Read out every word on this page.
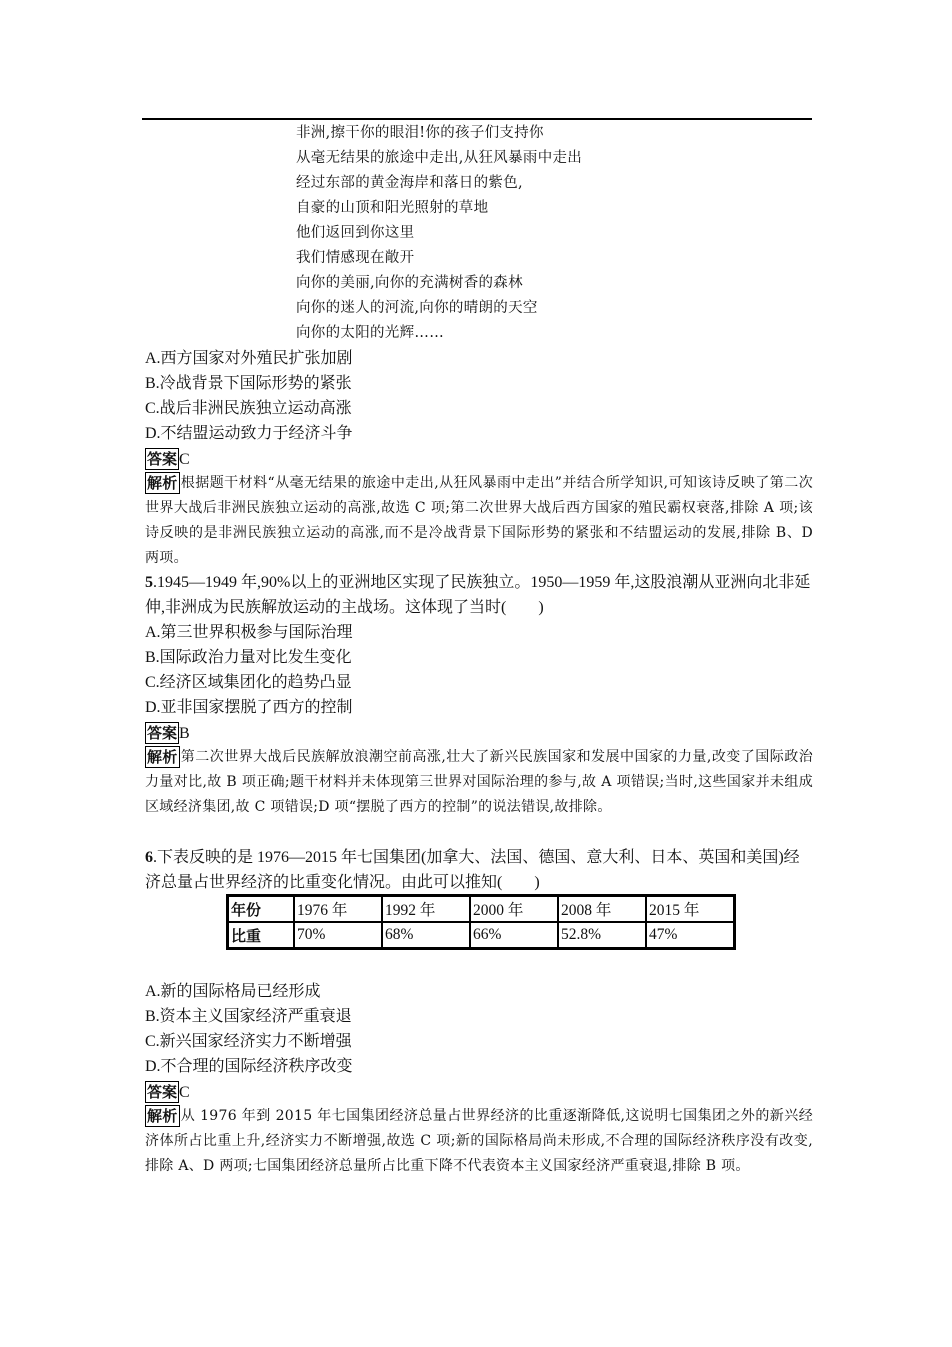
非洲,擦干你的眼泪!你的孩子们支持你
从毫无结果的旅途中走出,从狂风暴雨中走出
经过东部的黄金海岸和落日的紫色,
自豪的山顶和阳光照射的草地
他们返回到你这里
我们情感现在敞开
向你的美丽,向你的充满树香的森林
向你的迷人的河流,向你的晴朗的天空
向你的太阳的光辉……
A.西方国家对外殖民扩张加剧
B.冷战背景下国际形势的紧张
C.战后非洲民族独立运动高涨
D.不结盟运动致力于经济斗争
答案 C
解析 根据题干材料“从毫无结果的旅途中走出,从狂风暴雨中走出”并结合所学知识,可知该诗反映了第二次世界大战后非洲民族独立运动的高涨,故选 C 项;第二次世界大战后西方国家的殖民霸权衰落,排除 A 项;该诗反映的是非洲民族独立运动的高涨,而不是冷战背景下国际形势的紧张和不结盟运动的发展,排除 B、D 两项。
5.1945—1949 年,90%以上的亚洲地区实现了民族独立。1950—1959 年,这股浪潮从亚洲向北非延伸,非洲成为民族解放运动的主战场。这体现了当时(　　)
A.第三世界积极参与国际治理
B.国际政治力量对比发生变化
C.经济区域集团化的趋势凸显
D.亚非国家摆脱了西方的控制
答案 B
解析 第二次世界大战后民族解放浪潮空前高涨,壮大了新兴民族国家和发展中国家的力量,改变了国际政治力量对比,故 B 项正确;题干材料并未体现第三世界对国际治理的参与,故 A 项错误;当时,这些国家并未组成区域经济集团,故 C 项错误;D 项“摆脱了西方的控制”的说法错误,故排除。
6.下表反映的是 1976—2015 年七国集团(加拿大、法国、德国、意大利、日本、英国和美国)经济总量占世界经济的比重变化情况。由此可以推知(　　)
年份	1976 年	1992 年	2000 年	2008 年	2015 年
比重	70%	68%	66%	52.8%	47%
A.新的国际格局已经形成
B.资本主义国家经济严重衰退
C.新兴国家经济实力不断增强
D.不合理的国际经济秩序改变
答案 C
解析 从 1976 年到 2015 年七国集团经济总量占世界经济的比重逐渐降低,这说明七国集团之外的新兴经济体所占比重上升,经济实力不断增强,故选 C 项;新的国际格局尚未形成,不合理的国际经济秩序没有改变,排除 A、D 两项;七国集团经济总量所占比重下降不代表资本主义国家经济严重衰退,排除 B 项。
